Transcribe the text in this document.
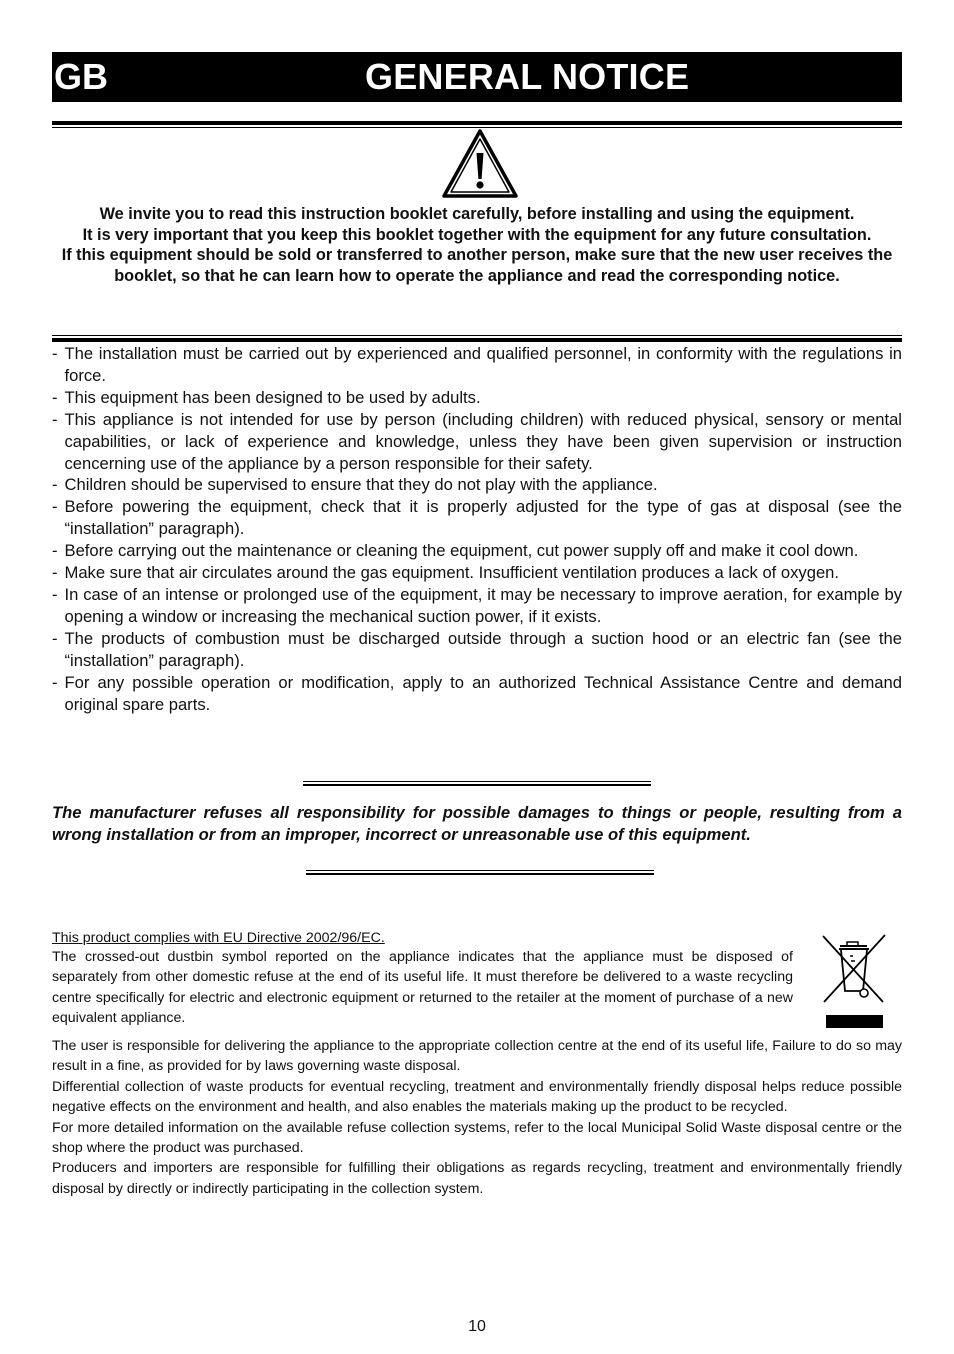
GB	GENERAL NOTICE

We invite you to read this instruction booklet carefully, before installing and using the equipment.

It is very important that you keep this booklet together with the equipment for any future consultation.

If this equipment should be sold or transferred to another person, make sure that the new user receives the booklet, so that he can learn how to operate the appliance and read the corresponding notice.

- The installation must be carried out by experienced and qualified personnel, in conformity with the regulations in force.
- This equipment has been designed to be used by adults.
- This appliance is not intended for use by person (including children) with reduced physical, sensory or mental capabilities, or lack of experience and knowledge, unless they have been given supervision or instruction cencerning use of the appliance by a person responsible for their safety.
- Children should be supervised to ensure that they do not play with the appliance.
- Before powering the equipment, check that it is properly adjusted for the type of gas at disposal (see the “installation” paragraph).
- Before carrying out the maintenance or cleaning the equipment, cut power supply off and make it cool down.
- Make sure that air circulates around the gas equipment. Insufficient ventilation produces a lack of oxygen.
- In case of an intense or prolonged use of the equipment, it may be necessary to improve aeration, for example by opening a window or increasing the mechanical suction power, if it exists.
- The products of combustion must be discharged outside through a suction hood or an electric fan (see the “installation” paragraph).
- For any possible operation or modification, apply to an authorized Technical Assistance Centre and demand original spare parts.

The manufacturer refuses all responsibility for possible damages to things or people, resulting from a wrong installation or from an improper, incorrect or unreasonable use of this equipment.

This product complies with EU Directive 2002/96/EC.

The crossed-out dustbin symbol reported on the appliance indicates that the appliance must be disposed of separately from other domestic refuse at the end of its useful life. It must therefore be delivered to a waste recycling centre specifically for electric and electronic equipment or returned to the retailer at the moment of purchase of a new equivalent appliance.

The user is responsible for delivering the appliance to the appropriate collection centre at the end of its useful life, Failure to do so may result in a fine, as provided for by laws governing waste disposal.

Differential collection of waste products for eventual recycling, treatment and environmentally friendly disposal helps reduce possible negative effects on the environment and health, and also enables the materials making up the product to be recycled.

For more detailed information on the available refuse collection systems, refer to the local Municipal Solid Waste disposal centre or the shop where the product was purchased.

Producers and importers are responsible for fulfilling their obligations as regards recycling, treatment and environmentally friendly disposal by directly or indirectly participating in the collection system.

10
